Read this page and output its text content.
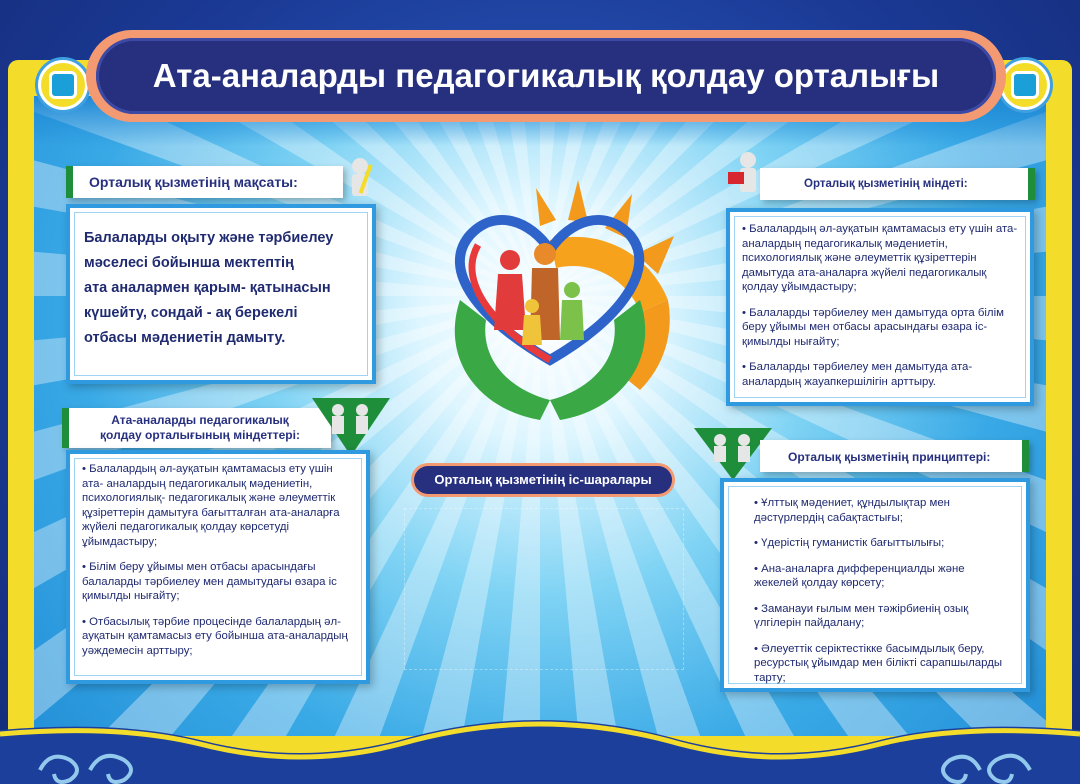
Ата-аналарды педагогикалық қолдау орталығы
Орталық қызметінің мақсаты:
Балаларды оқыту және тәрбиелеу
мәселесі бойынша мектептің
ата аналармен қарым- қатынасын
күшейту, сондай - ақ берекелі
отбасы мәдениетін дамыту.
Орталық қызметінің міндеті:

• Балалардың әл-ауқатын қамтамасыз ету үшін ата- аналардың педагогикалық мәдениетін, психологиялық және әлеуметтік құзіреттерін дамытуда ата-аналарға жүйелі педагогикалық қолдау ұйымдастыру;

• Балаларды тәрбиелеу мен дамытуда орта білім беру ұйымы мен отбасы арасындағы өзара іс-қимылды нығайту;

• Балаларды тәрбиелеу мен дамытуда ата-аналардың жауапкершілігін арттыру.

Ата-аналарды педагогикалық
қолдау орталығының міндеттері:

• Балалардың әл-ауқатын қамтамасыз ету үшін ата- аналардың педагогикалық мәдениетін, психологиялық- педагогикалық және әлеуметтік құзіреттерін дамытуға бағытталған ата-аналарға жүйелі педагогикалық қолдау көрсетуді ұйымдастыру;

• Білім беру ұйымы мен отбасы арасындағы балаларды тәрбиелеу мен дамытудағы өзара іс қимылды нығайту;

• Отбасылық тәрбие процесінде балалардың әл- ауқатын қамтамасыз ету бойынша ата-аналардың уәждемесін арттыру;

Орталық қызметінің принциптері:

• Ұлттық мәдениет, құндылықтар мен дәстүрлердің сабақтастығы;

• Үдерістің гуманистік бағыттылығы;

• Ана-аналарға дифференциалды және жекелей қолдау көрсету;

• Заманауи ғылым мен тәжірбиенің озық үлгілерін пайдалану;

• Әлеуеттік серіктестікке басымдылық беру, ресурстық ұйымдар мен білікті сарапшыларды тарту;

Орталық қызметінің іс-шаралары
